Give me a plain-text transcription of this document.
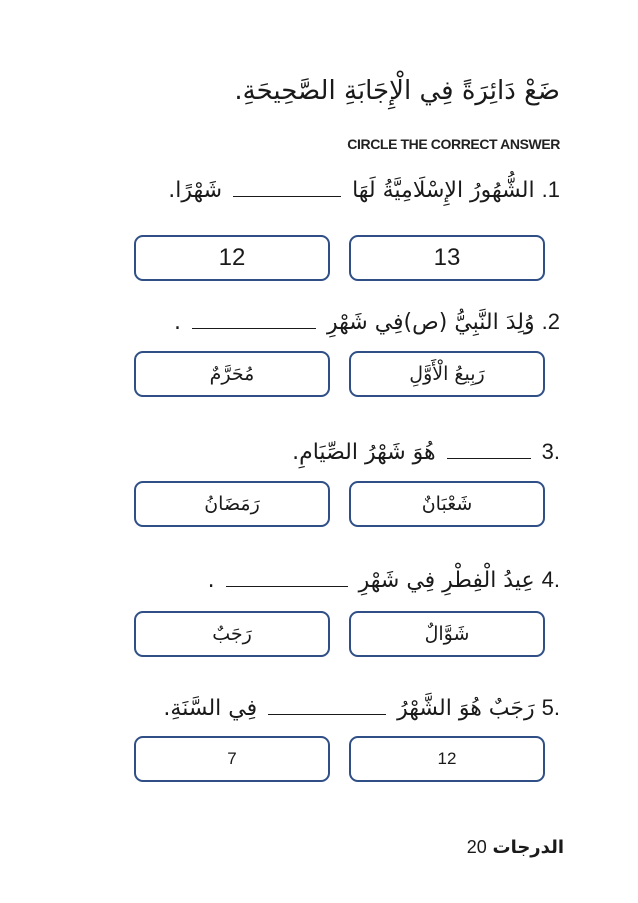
ضَعْ دَائِرَةً فِي الْإِجَابَةِ الصَّحِيحَةِ.
CIRCLE THE CORRECT ANSWER
1. الشُّهُورُ الإِسْلَامِيَّةُ لَهَا  شَهْرًا.
13
12
2. وُلِدَ النَّبِيُّ (ص)فِي شَهْرِ  .
رَبِيعُ الْأَوَّلِ
مُحَرَّمٌ
.3  هُوَ شَهْرُ الصِّيَامِ.
شَعْبَانٌ
رَمَضَانُ
.4 عِيدُ الْفِطْرِ فِي شَهْرِ  .
شَوَّالٌ
رَجَبٌ
.5 رَجَبٌ هُوَ الشَّهْرُ  فِي السَّنَةِ.
12
7
الدرجات 20
